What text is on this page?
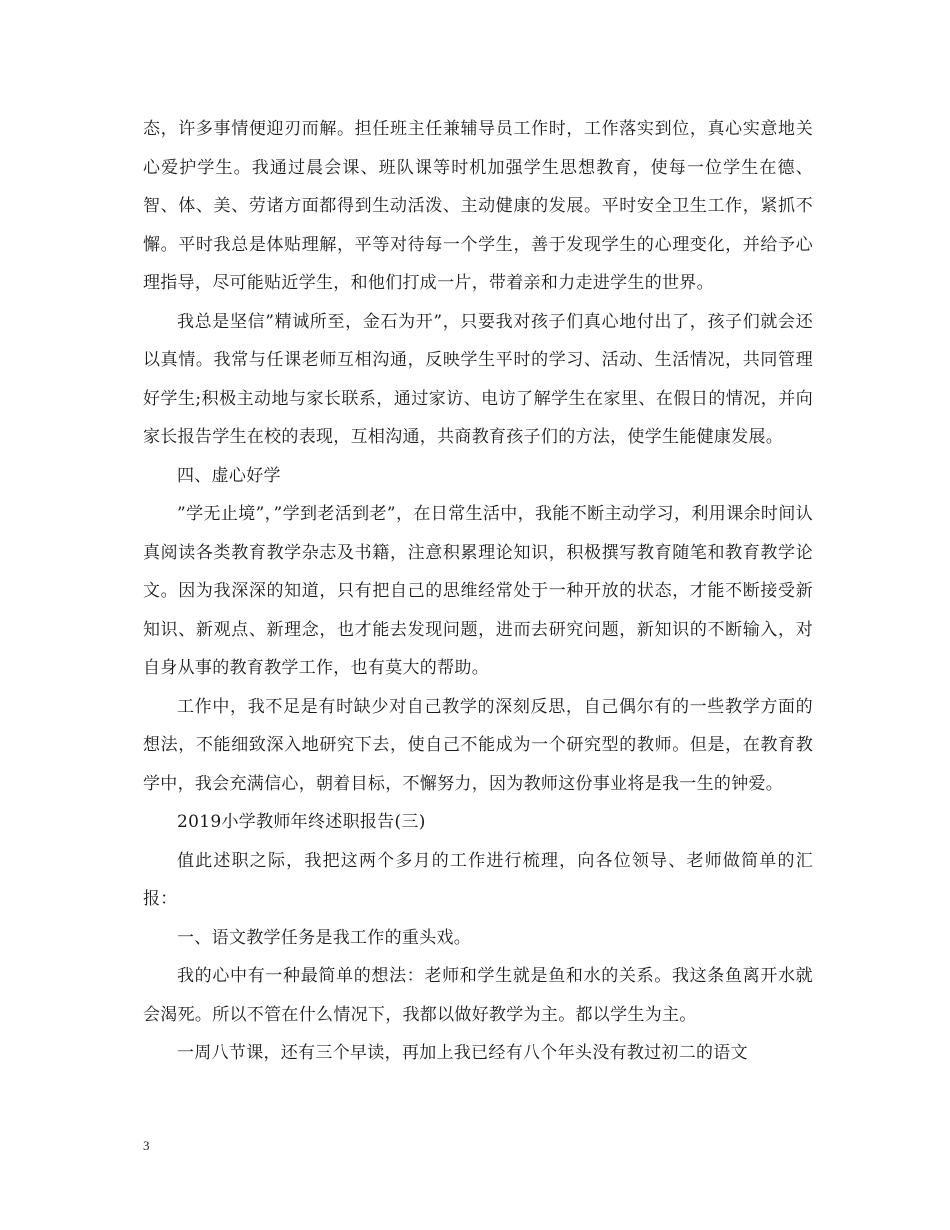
态，许多事情便迎刃而解。担任班主任兼辅导员工作时，工作落实到位，真心实意地关心爱护学生。我通过晨会课、班队课等时机加强学生思想教育，使每一位学生在德、智、体、美、劳诸方面都得到生动活泼、主动健康的发展。平时安全卫生工作，紧抓不懈。平时我总是体贴理解，平等对待每一个学生，善于发现学生的心理变化，并给予心理指导，尽可能贴近学生，和他们打成一片，带着亲和力走进学生的世界。

我总是坚信”精诚所至，金石为开”，只要我对孩子们真心地付出了，孩子们就会还以真情。我常与任课老师互相沟通，反映学生平时的学习、活动、生活情况，共同管理好学生;积极主动地与家长联系，通过家访、电访了解学生在家里、在假日的情况，并向家长报告学生在校的表现，互相沟通，共商教育孩子们的方法，使学生能健康发展。

四、虚心好学

”学无止境”，”学到老活到老”，在日常生活中，我能不断主动学习，利用课余时间认真阅读各类教育教学杂志及书籍，注意积累理论知识，积极撰写教育随笔和教育教学论文。因为我深深的知道，只有把自己的思维经常处于一种开放的状态，才能不断接受新知识、新观点、新理念，也才能去发现问题，进而去研究问题，新知识的不断输入，对自身从事的教育教学工作，也有莫大的帮助。

工作中，我不足是有时缺少对自己教学的深刻反思，自己偶尔有的一些教学方面的想法，不能细致深入地研究下去，使自己不能成为一个研究型的教师。但是，在教育教学中，我会充满信心，朝着目标，不懈努力，因为教师这份事业将是我一生的钟爱。

2019小学教师年终述职报告(三)

值此述职之际，我把这两个多月的工作进行梳理，向各位领导、老师做简单的汇报：

一、语文教学任务是我工作的重头戏。

我的心中有一种最简单的想法：老师和学生就是鱼和水的关系。我这条鱼离开水就会渴死。所以不管在什么情况下，我都以做好教学为主。都以学生为主。

一周八节课，还有三个早读，再加上我已经有八个年头没有教过初二的语文

3
